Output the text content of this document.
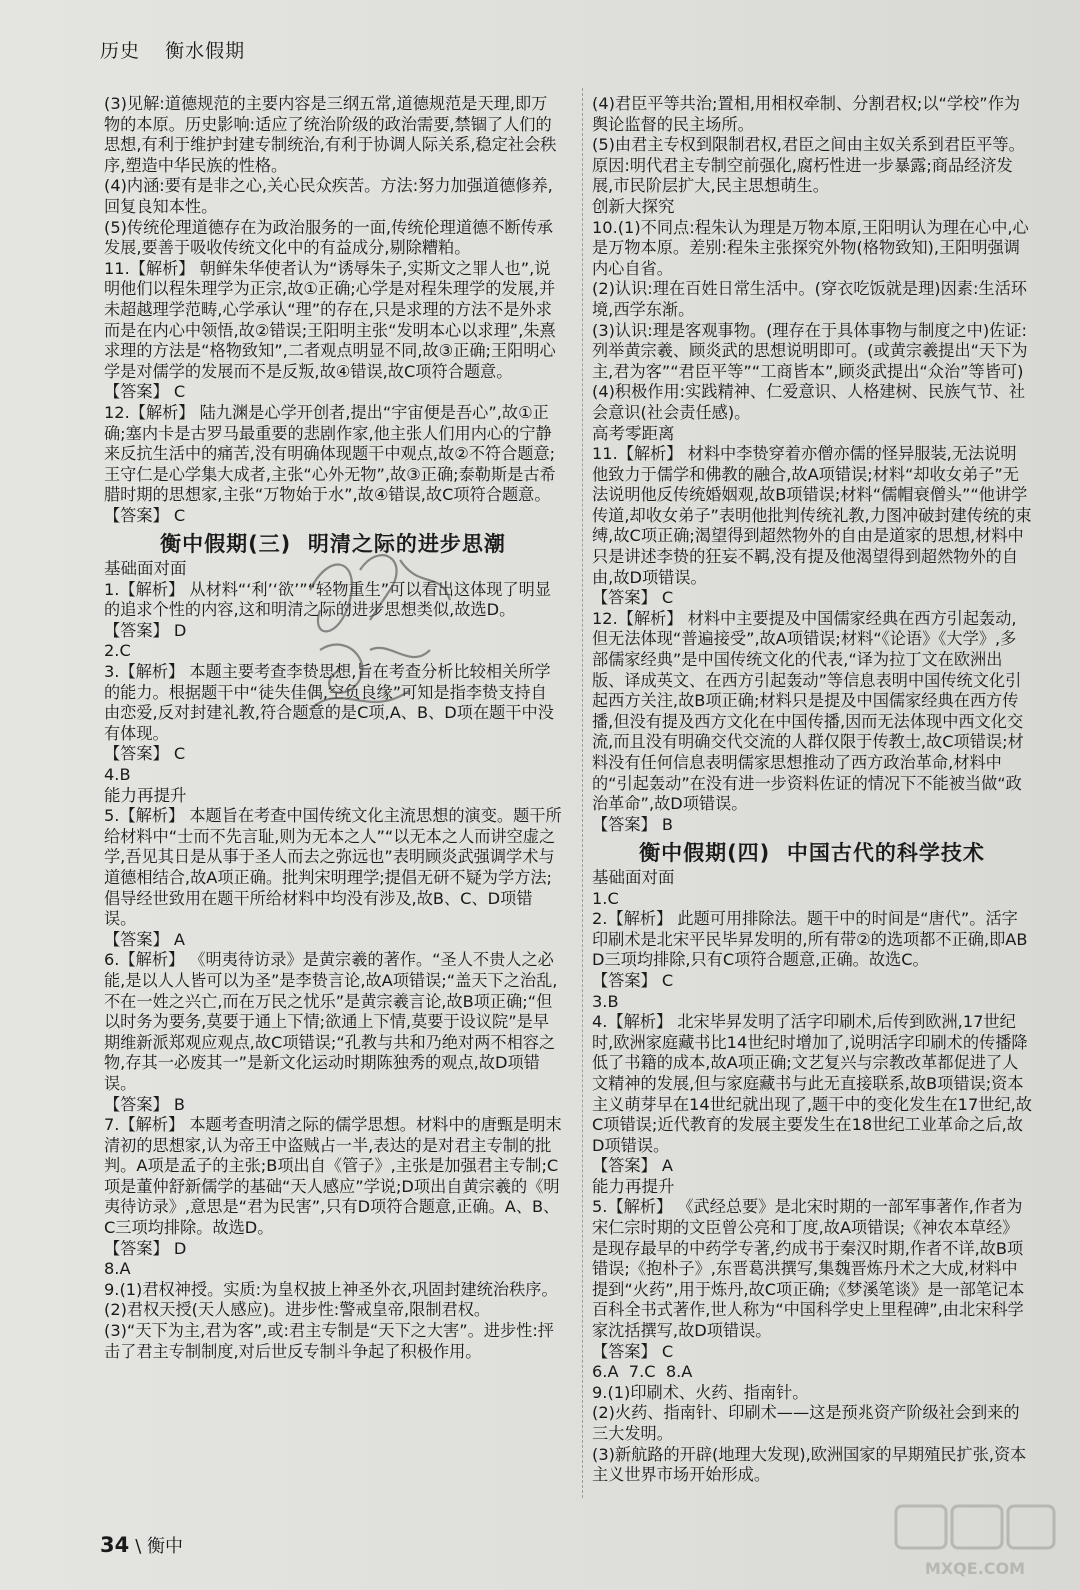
历史 衡水假期

(3)见解:道德规范的主要内容是三纲五常,道德规范是天理,即万物的本原。历史影响:适应了统治阶级的政治需要,禁锢了人们的思想,有利于维护封建专制统治,有利于协调人际关系,稳定社会秩序,塑造中华民族的性格。

(4)内涵:要有是非之心,关心民众疾苦。方法:努力加强道德修养,回复良知本性。

(5)传统伦理道德存在为政治服务的一面,传统伦理道德不断传承发展,要善于吸收传统文化中的有益成分,剔除糟粕。

11.【解析】 朝鲜朱华使者认为“诱辱朱子,实斯文之罪人也”,说明他们以程朱理学为正宗,故①正确;心学是对程朱理学的发展,并未超越理学范畴,心学承认“理”的存在,只是求理的方法不是外求而是在内心中领悟,故②错误;王阳明主张“发明本心以求理”,朱熹求理的方法是“格物致知”,二者观点明显不同,故③正确;王阳明心学是对儒学的发展而不是反叛,故④错误,故C项符合题意。

【答案】 C

12.【解析】 陆九渊是心学开创者,提出“宇宙便是吾心”,故①正确;塞内卡是古罗马最重要的悲剧作家,他主张人们用内心的宁静来反抗生活中的痛苦,没有明确体现题干中观点,故②不符合题意;王守仁是心学集大成者,主张“心外无物”,故③正确;泰勒斯是古希腊时期的思想家,主张“万物始于水”,故④错误,故C项符合题意。

【答案】 C

衡中假期(三)  明清之际的进步思潮

基础面对面

1.【解析】 从材料“‘利’‘欲’”“轻物重生”可以看出这体现了明显的追求个性的内容,这和明清之际的进步思想类似,故选D。

【答案】 D

2.C

3.【解析】 本题主要考查李贽思想,旨在考查分析比较相关所学的能力。根据题干中“徒失佳偶,空负良缘”可知是指李贽支持自由恋爱,反对封建礼教,符合题意的是C项,A、B、D项在题干中没有体现。

【答案】 C

4.B

能力再提升

5.【解析】 本题旨在考查中国传统文化主流思想的演变。题干所给材料中“士而不先言耻,则为无本之人”“以无本之人而讲空虚之学,吾见其日是从事于圣人而去之弥远也”表明顾炎武强调学术与道德相结合,故A项正确。批判宋明理学;提倡无研不疑为学方法;倡导经世致用在题干所给材料中均没有涉及,故B、C、D项错误。

【答案】 A

6.【解析】 《明夷待访录》是黄宗羲的著作。“圣人不贵人之必能,是以人人皆可以为圣”是李贽言论,故A项错误;“盖天下之治乱,不在一姓之兴亡,而在万民之忧乐”是黄宗羲言论,故B项正确;“但以时务为要务,莫要于通上下情;欲通上下情,莫要于设议院”是早期维新派郑观应观点,故C项错误;“孔教与共和乃绝对两不相容之物,存其一必废其一”是新文化运动时期陈独秀的观点,故D项错误。

【答案】 B

7.【解析】 本题考查明清之际的儒学思想。材料中的唐甄是明末清初的思想家,认为帝王中盗贼占一半,表达的是对君主专制的批判。A项是孟子的主张;B项出自《管子》,主张是加强君主专制;C项是董仲舒新儒学的基础“天人感应”学说;D项出自黄宗羲的《明夷待访录》,意思是“君为民害”,只有D项符合题意,正确。A、B、C三项均排除。故选D。

【答案】 D

8.A

9.(1)君权神授。实质:为皇权披上神圣外衣,巩固封建统治秩序。

(2)君权天授(天人感应)。进步性:警戒皇帝,限制君权。

(3)“天下为主,君为客”,或:君主专制是“天下之大害”。进步性:抨击了君主专制制度,对后世反专制斗争起了积极作用。

(4)君臣平等共治;置相,用相权牵制、分割君权;以“学校”作为舆论监督的民主场所。

(5)由君主专权到限制君权,君臣之间由主奴关系到君臣平等。原因:明代君主专制空前强化,腐朽性进一步暴露;商品经济发展,市民阶层扩大,民主思想萌生。

创新大探究

10.(1)不同点:程朱认为理是万物本原,王阳明认为理在心中,心是万物本原。差别:程朱主张探究外物(格物致知),王阳明强调内心自省。

(2)认识:理在百姓日常生活中。(穿衣吃饭就是理)因素:生活环境,西学东渐。

(3)认识:理是客观事物。(理存在于具体事物与制度之中)佐证:列举黄宗羲、顾炎武的思想说明即可。(或黄宗羲提出“天下为主,君为客”“君臣平等”“工商皆本”,顾炎武提出“众治”等皆可)

(4)积极作用:实践精神、仁爱意识、人格建树、民族气节、社会意识(社会责任感)。

高考零距离

11.【解析】 材料中李贽穿着亦僧亦儒的怪异服装,无法说明他致力于儒学和佛教的融合,故A项错误;材料“却收女弟子”无法说明他反传统婚姻观,故B项错误;材料“儒帽衰僧头”“他讲学传道,却收女弟子”表明他批判传统礼教,力图冲破封建传统的束缚,故C项正确;渴望得到超然物外的自由是道家的思想,材料中只是讲述李贽的狂妄不羁,没有提及他渴望得到超然物外的自由,故D项错误。

【答案】 C

12.【解析】 材料中主要提及中国儒家经典在西方引起轰动,但无法体现“普遍接受”,故A项错误;材料“《论语》《大学》,多部儒家经典”是中国传统文化的代表,“译为拉丁文在欧洲出版、译成英文、在西方引起轰动”等信息表明中国传统文化引起西方关注,故B项正确;材料只是提及中国儒家经典在西方传播,但没有提及西方文化在中国传播,因而无法体现中西文化交流,而且没有明确交代交流的人群仅限于传教士,故C项错误;材料没有任何信息表明儒家思想推动了西方政治革命,材料中的“引起轰动”在没有进一步资料佐证的情况下不能被当做“政治革命”,故D项错误。

【答案】 B

衡中假期(四)  中国古代的科学技术

基础面对面

1.C

2.【解析】 此题可用排除法。题干中的时间是“唐代”。活字印刷术是北宋平民毕昇发明的,所有带②的选项都不正确,即ABD三项均排除,只有C项符合题意,正确。故选C。

【答案】 C

3.B

4.【解析】 北宋毕昇发明了活字印刷术,后传到欧洲,17世纪时,欧洲家庭藏书比14世纪时增加了,说明活字印刷术的传播降低了书籍的成本,故A项正确;文艺复兴与宗教改革都促进了人文精神的发展,但与家庭藏书与此无直接联系,故B项错误;资本主义萌芽早在14世纪就出现了,题干中的变化发生在17世纪,故C项错误;近代教育的发展主要发生在18世纪工业革命之后,故D项错误。

【答案】 A

能力再提升

5.【解析】 《武经总要》是北宋时期的一部军事著作,作者为宋仁宗时期的文臣曾公亮和丁度,故A项错误;《神农本草经》是现存最早的中药学专著,约成书于秦汉时期,作者不详,故B项错误;《抱朴子》,东晋葛洪撰写,集魏晋炼丹术之大成,材料中提到“火药”,用于炼丹,故C项正确;《梦溪笔谈》是一部笔记本百科全书式著作,世人称为“中国科学史上里程碑”,由北宋科学家沈括撰写,故D项错误。

【答案】 C

6.A  7.C  8.A

9.(1)印刷术、火药、指南针。

(2)火药、指南针、印刷术——这是预兆资产阶级社会到来的三大发明。

(3)新航路的开辟(地理大发现),欧洲国家的早期殖民扩张,资本主义世界市场开始形成。

MXQE.COM
34 \ 衡中
